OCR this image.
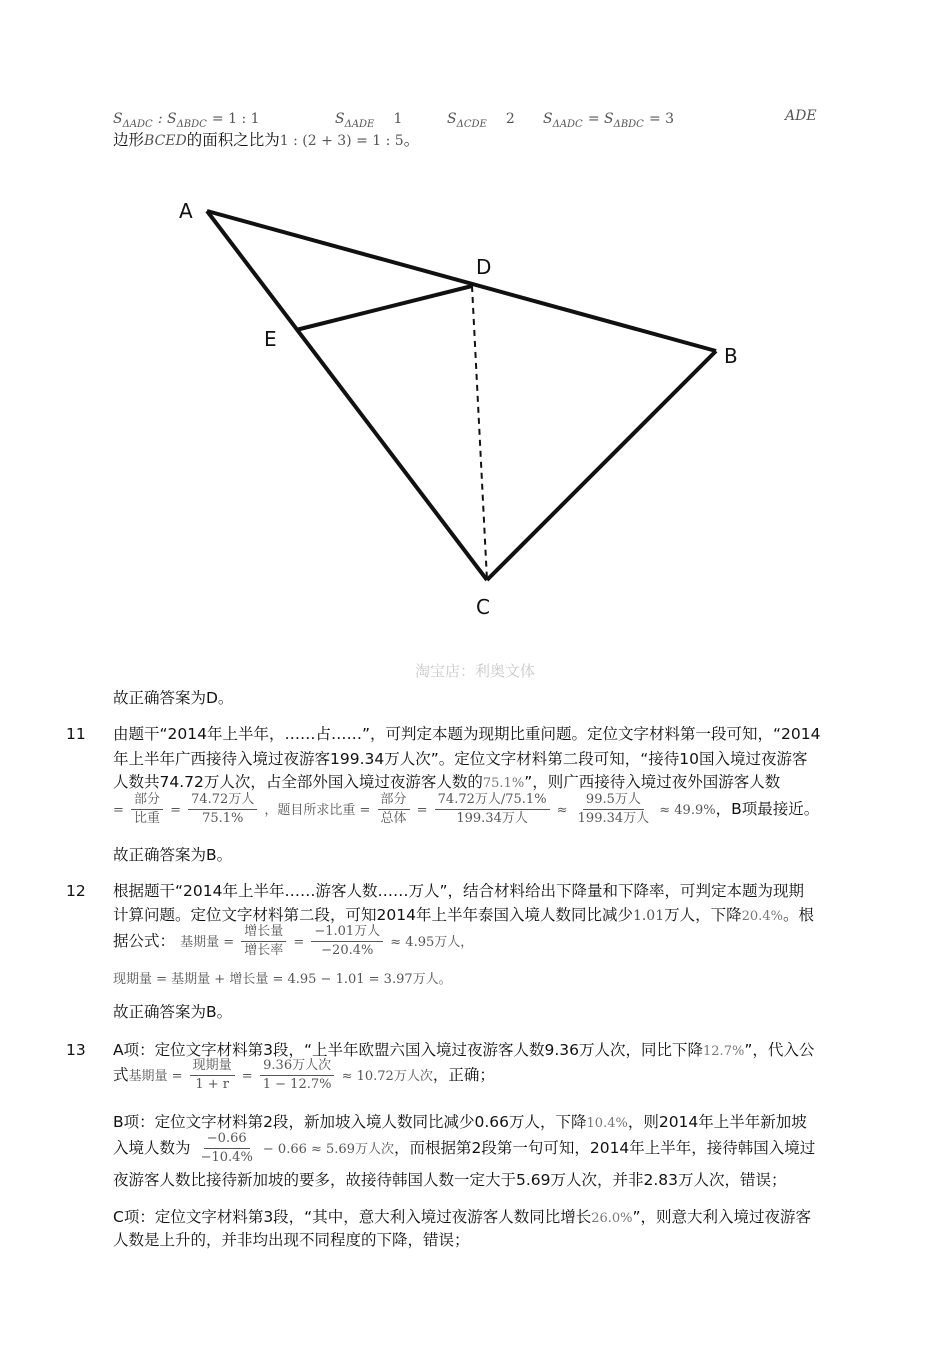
$S_{\Delta ADC}$ : $S_{\Delta BDC} = 1$ : 1	$S_{\Delta ADE}$ 1	$S_{\Delta CDE}$ 2 $S_{\Delta ADC} = S_{\Delta BDC} = 3$	ADE
边形BCED的面积之比为1 : (2 + 3) = 1 : 5。
A
D
E
B
C
淘宝店：利奥文体
故正确答案为D。
11 由题干“2014年上半年，……占……”，可判定本题为现期比重问题。定位文字材料第一段可知，“2014
年上半年广西接待入境过夜游客199.34万人次”。定位文字材料第二段可知，“接待10国入境过夜游客
人数共74.72万人次，占全部外国入境过夜游客人数的75.1%”，则广西接待入境过夜外国游客人数
= $\frac{\text{部分}}{\text{比重}} = \frac{\text{74.72万人}}{75.1\%}$ ，题目所求比重 = $\frac{\text{部分}}{\text{总体}} = \frac{\text{74.72万人/75.1\%}}{\text{199.34万人}} \approx \frac{\text{99.5万人}}{\text{199.34万人}} \approx 49.9\%$，B项最接近。
故正确答案为B。
12 根据题干“2014年上半年……游客人数……万人”，结合材料给出下降量和下降率，可判定本题为现期
计算问题。定位文字材料第二段，可知2014年上半年泰国入境人数同比减少1.01万人，下降20.4%。根
据公式： 基期量 = $\frac{\text{增长量}}{\text{增长率}} = \frac{\text{−1.01万人}}{-20.4\%} \approx 4.95$万人，
现期量 = 基期量 + 增长量 = 4.95 − 1.01 = 3.97万人。
故正确答案为B。
13 A项：定位文字材料第3段，“上半年欧盟六国入境过夜游客人数9.36万人次，同比下降12.7%”，代入公
式基期量 = $\frac{\text{现期量}}{1 + r} = \frac{\text{9.36万人次}}{1 - 12.7\%} \approx 10.72$万人次，正确；
B项：定位文字材料第2段，新加坡入境人数同比减少0.66万人，下降10.4%，则2014年上半年新加坡
入境人数为 $\frac{-0.66}{-10.4\%} - 0.66 \approx 5.69$万人次，而根据第2段第一句可知，2014年上半年，接待韩国入境过
夜游客人数比接待新加坡的要多，故接待韩国人数一定大于5.69万人次，并非2.83万人次，错误；
C项：定位文字材料第3段，“其中，意大利入境过夜游客人数同比增长26.0%”，则意大利入境过夜游客
人数是上升的，并非均出现不同程度的下降，错误；
